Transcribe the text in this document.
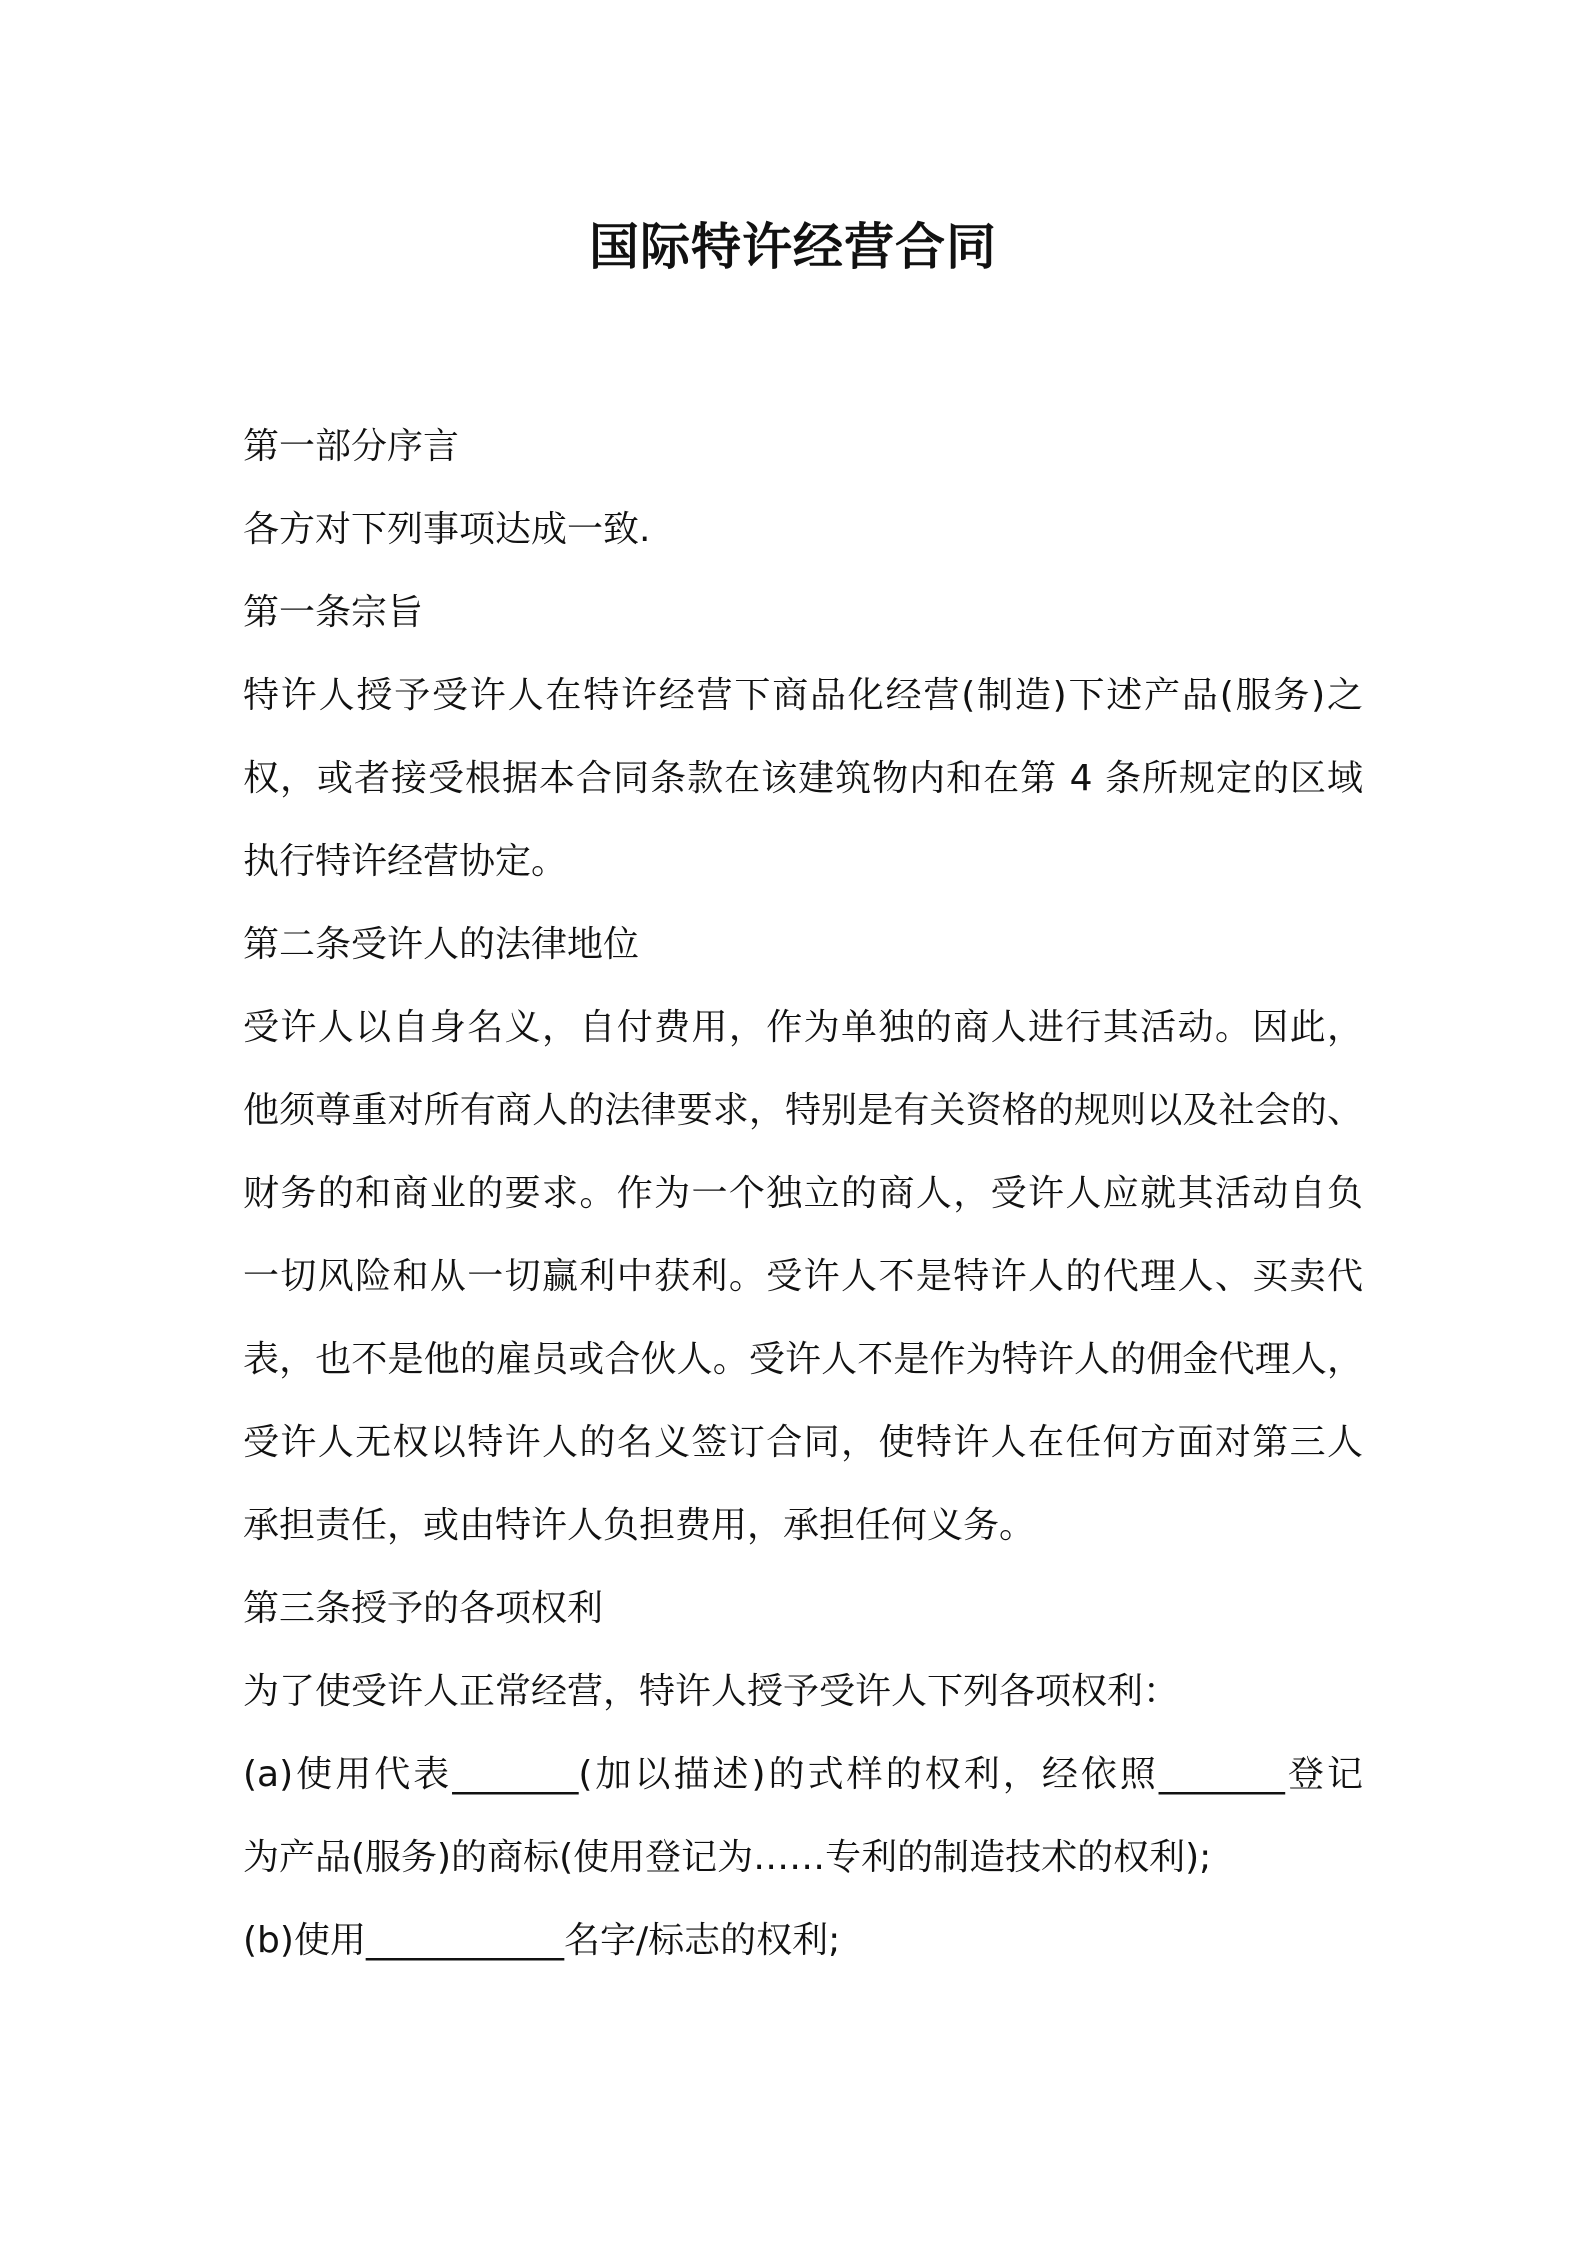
国际特许经营合同

第一部分序言

各方对下列事项达成一致.

第一条宗旨

特许人授予受许人在特许经营下商品化经营(制造)下述产品(服务)之

权，或者接受根据本合同条款在该建筑物内和在第 4 条所规定的区域

执行特许经营协定。

第二条受许人的法律地位

受许人以自身名义，自付费用，作为单独的商人进行其活动。因此，

他须尊重对所有商人的法律要求，特别是有关资格的规则以及社会的、

财务的和商业的要求。作为一个独立的商人，受许人应就其活动自负

一切风险和从一切赢利中获利。受许人不是特许人的代理人、买卖代

表，也不是他的雇员或合伙人。受许人不是作为特许人的佣金代理人，

受许人无权以特许人的名义签订合同，使特许人在任何方面对第三人

承担责任，或由特许人负担费用，承担任何义务。

第三条授予的各项权利

为了使受许人正常经营，特许人授予受许人下列各项权利：

(a)使用代表_______(加以描述)的式样的权利，经依照_______登记

为产品(服务)的商标(使用登记为……专利的制造技术的权利);

(b)使用___________名字/标志的权利;
